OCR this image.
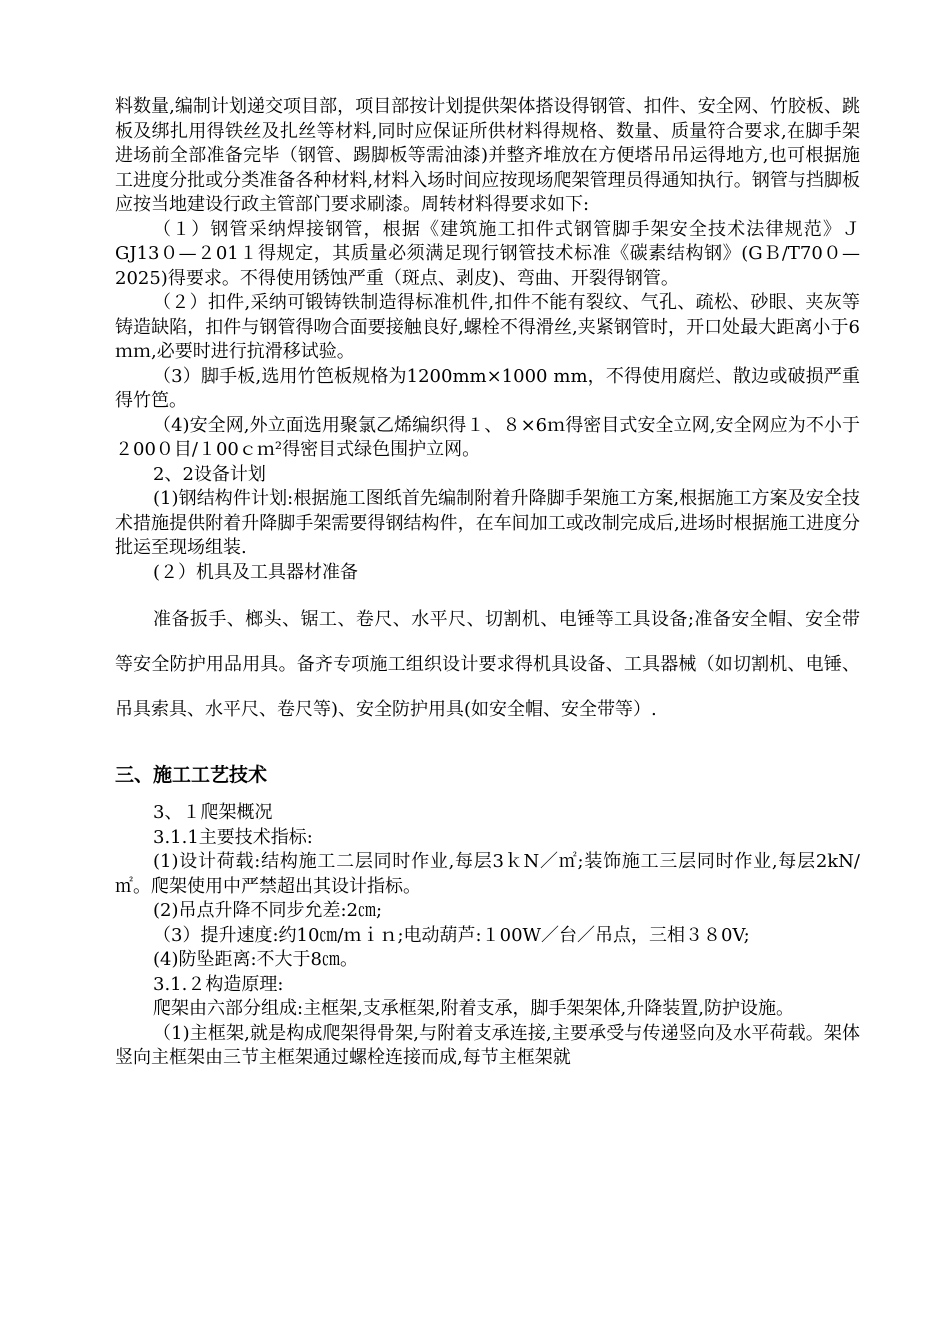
料数量,编制计划递交项目部，项目部按计划提供架体搭设得钢管、扣件、安全网、竹胶板、跳板及绑扎用得铁丝及扎丝等材料,同时应保证所供材料得规格、数量、质量符合要求,在脚手架进场前全部准备完毕（钢管、踢脚板等需油漆)并整齐堆放在方便塔吊吊运得地方,也可根据施工进度分批或分类准备各种材料,材料入场时间应按现场爬架管理员得通知执行。钢管与挡脚板应按当地建设行政主管部门要求刷漆。周转材料得要求如下:

（１）钢管采纳焊接钢管，根据《建筑施工扣件式钢管脚手架安全技术法律规范》ＪGJ13０—２01１得规定，其质量必须满足现行钢管技术标准《碳素结构钢》(GＢ/T70０—2025)得要求。不得使用锈蚀严重（斑点、剥皮)、弯曲、开裂得钢管。

（２）扣件,采纳可锻铸铁制造得标准机件,扣件不能有裂纹、气孔、疏松、砂眼、夹灰等铸造缺陷，扣件与钢管得吻合面要接触良好,螺栓不得滑丝,夹紧钢管时，开口处最大距离小于6ｍｍ,必要时进行抗滑移试验。

（3）脚手板,选用竹笆板规格为1200mm×1000 mm，不得使用腐烂、散边或破损严重得竹笆。

（4)安全网,外立面选用聚氯乙烯编织得１、８×6ｍ得密目式安全立网,安全网应为不小于２00０目/１00ｃｍ²得密目式绿色围护立网。

2、2设备计划

(1)钢结构件计划:根据施工图纸首先编制附着升降脚手架施工方案,根据施工方案及安全技术措施提供附着升降脚手架需要得钢结构件，在车间加工或改制完成后,进场时根据施工进度分批运至现场组装.

(２）机具及工具器材准备

准备扳手、榔头、锯工、卷尺、水平尺、切割机、电锤等工具设备;准备安全帽、安全带等安全防护用品用具。备齐专项施工组织设计要求得机具设备、工具器械（如切割机、电锤、吊具索具、水平尺、卷尺等)、安全防护用具(如安全帽、安全带等）.

三、施工工艺技术

3、１爬架概况

3.1.1主要技术指标:

(1)设计荷载:结构施工二层同时作业,每层3ｋN／㎡;装饰施工三层同时作业,每层2kN/㎡。爬架使用中严禁超出其设计指标。

(2)吊点升降不同步允差:2㎝;

（3）提升速度:约10㎝/ｍｉｎ;电动葫芦:１00W／台／吊点，三相３８0V;

(4)防坠距离:不大于8㎝。

3.1.２构造原理:

爬架由六部分组成:主框架,支承框架,附着支承，脚手架架体,升降装置,防护设施。

（1)主框架,就是构成爬架得骨架,与附着支承连接,主要承受与传递竖向及水平荷载。架体竖向主框架由三节主框架通过螺栓连接而成,每节主框架就
